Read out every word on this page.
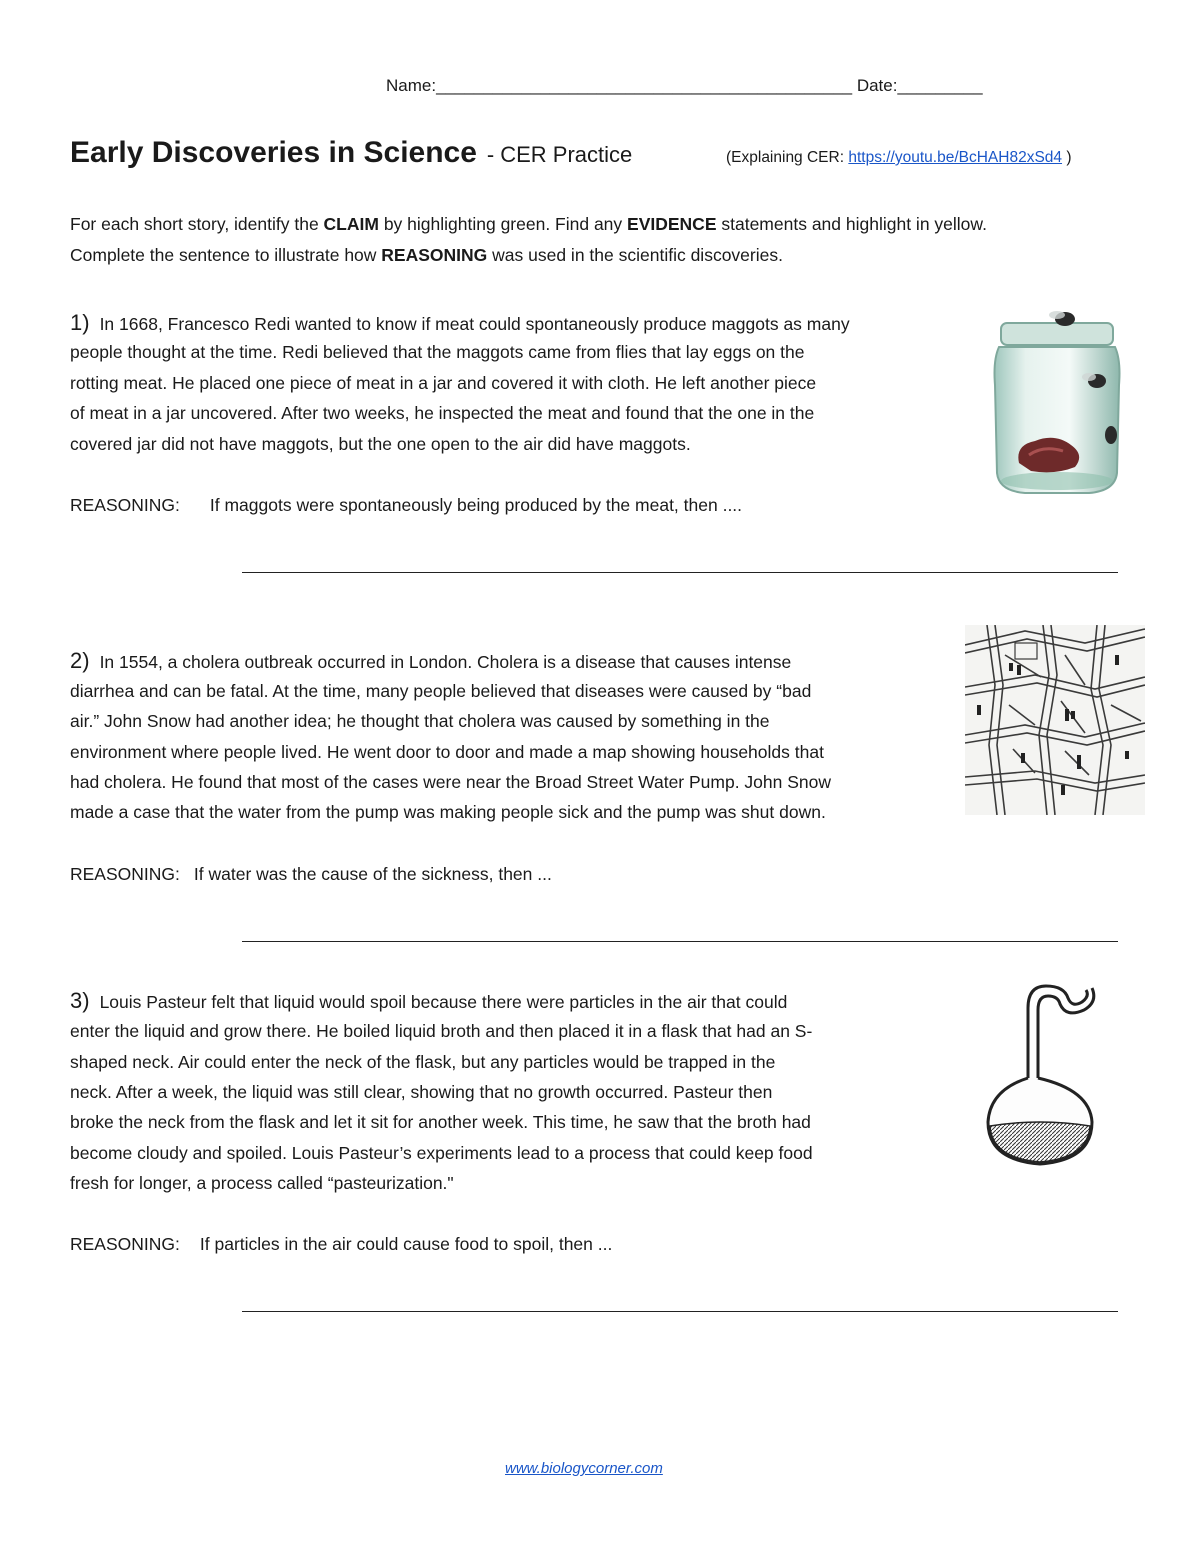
Name:____________________________________________ Date:_________
Early Discoveries in Science - CER Practice	(Explaining CER: https://youtu.be/BcHAH82xSd4 )
For each short story, identify the CLAIM by highlighting green. Find any EVIDENCE statements and highlight in yellow.
Complete the sentence to illustrate how REASONING was used in the scientific discoveries.
1) In 1668, Francesco Redi wanted to know if meat could spontaneously produce maggots as many
people thought at the time. Redi believed that the maggots came from flies that lay eggs on the
rotting meat. He placed one piece of meat in a jar and covered it with cloth. He left another piece
of meat in a jar uncovered. After two weeks, he inspected the meat and found that the one in the
covered jar did not have maggots, but the one open to the air did have maggots.
REASONING: If maggots were spontaneously being produced by the meat, then ....
2) In 1554, a cholera outbreak occurred in London. Cholera is a disease that causes intense
diarrhea and can be fatal. At the time, many people believed that diseases were caused by “bad
air.” John Snow had another idea; he thought that cholera was caused by something in the
environment where people lived. He went door to door and made a map showing households that
had cholera. He found that most of the cases were near the Broad Street Water Pump. John Snow
made a case that the water from the pump was making people sick and the pump was shut down.
REASONING: If water was the cause of the sickness, then ...
3) Louis Pasteur felt that liquid would spoil because there were particles in the air that could
enter the liquid and grow there. He boiled liquid broth and then placed it in a flask that had an S-
shaped neck. Air could enter the neck of the flask, but any particles would be trapped in the
neck. After a week, the liquid was still clear, showing that no growth occurred. Pasteur then
broke the neck from the flask and let it sit for another week. This time, he saw that the broth had
become cloudy and spoiled. Louis Pasteur’s experiments lead to a process that could keep food
fresh for longer, a process called “pasteurization."
REASONING: If particles in the air could cause food to spoil, then ...
www.biologycorner.com
